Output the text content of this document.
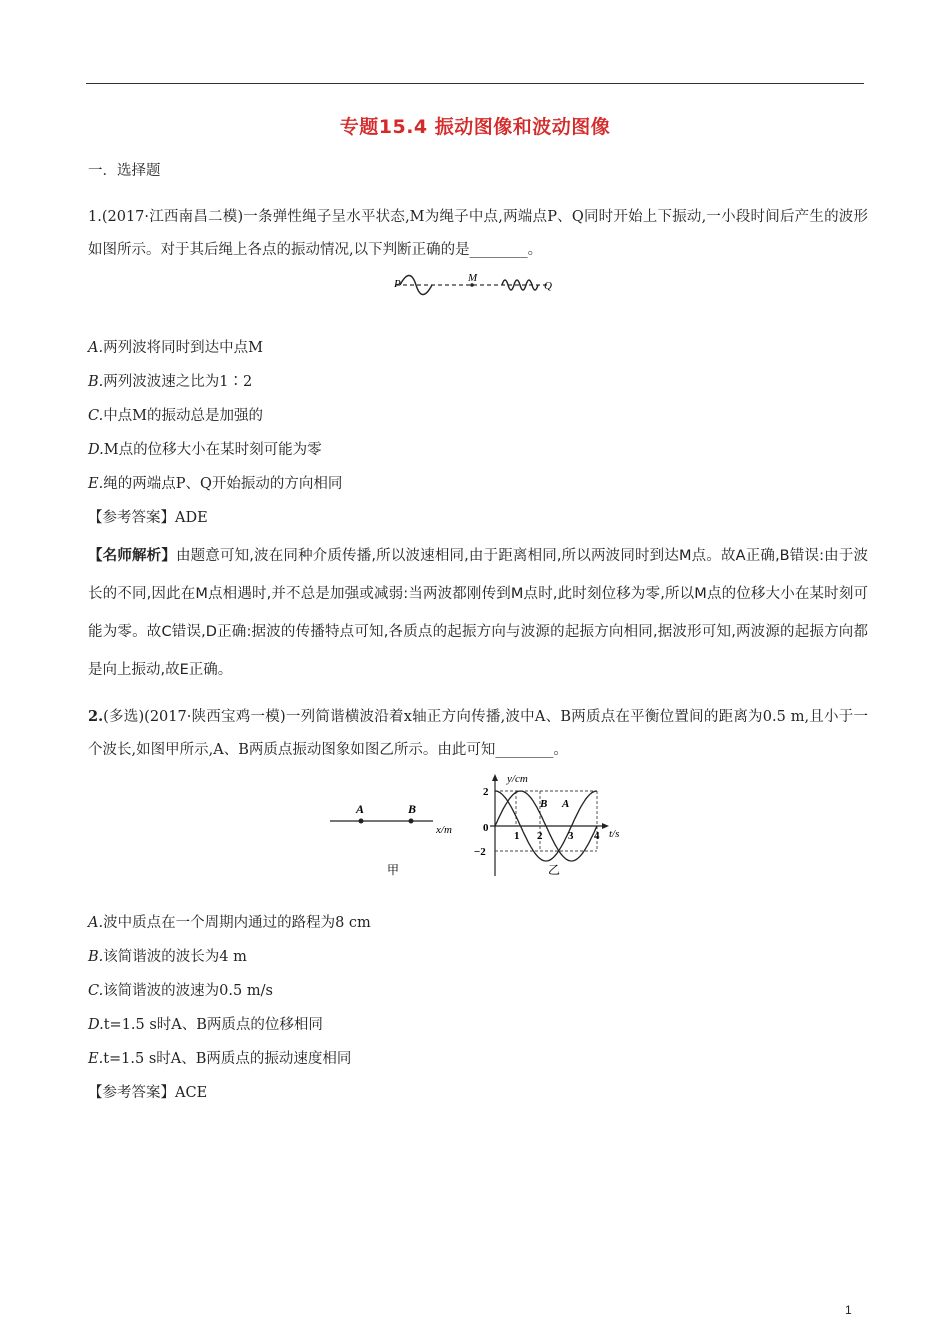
专题15.4 振动图像和波动图像
一．选择题
1.(2017·江西南昌二模)一条弹性绳子呈水平状态,M为绳子中点,两端点P、Q同时开始上下振动,一小段时间后产生的波形如图所示。对于其后绳上各点的振动情况,以下判断正确的是________。
P	M
Q
A.两列波将同时到达中点M
B.两列波波速之比为1∶2
C.中点M的振动总是加强的
D.M点的位移大小在某时刻可能为零
E.绳的两端点P、Q开始振动的方向相同
【参考答案】ADE
【名师解析】由题意可知,波在同种介质传播,所以波速相同,由于距离相同,所以两波同时到达M点。故A正确,B错误:由于波长的不同,因此在M点相遇时,并不总是加强或减弱:当两波都刚传到M点时,此时刻位移为零,所以M点的位移大小在某时刻可能为零。故C错误,D正确:据波的传播特点可知,各质点的起振方向与波源的起振方向相同,据波形可知,两波源的起振方向都是向上振动,故E正确。
2.(多选)(2017·陕西宝鸡一模)一列简谐横波沿着x轴正方向传播,波中A、B两质点在平衡位置间的距离为0.5 m,且小于一个波长,如图甲所示,A、B两质点振动图象如图乙所示。由此可知________。
A	B
x/m
甲
y/cm
t/s
2
0
−2
1 2 3 4
B A
乙
A.波中质点在一个周期内通过的路程为8 cm
B.该简谐波的波长为4 m
C.该简谐波的波速为0.5 m/s
D.t=1.5 s时A、B两质点的位移相同
E.t=1.5 s时A、B两质点的振动速度相同
【参考答案】ACE
1
